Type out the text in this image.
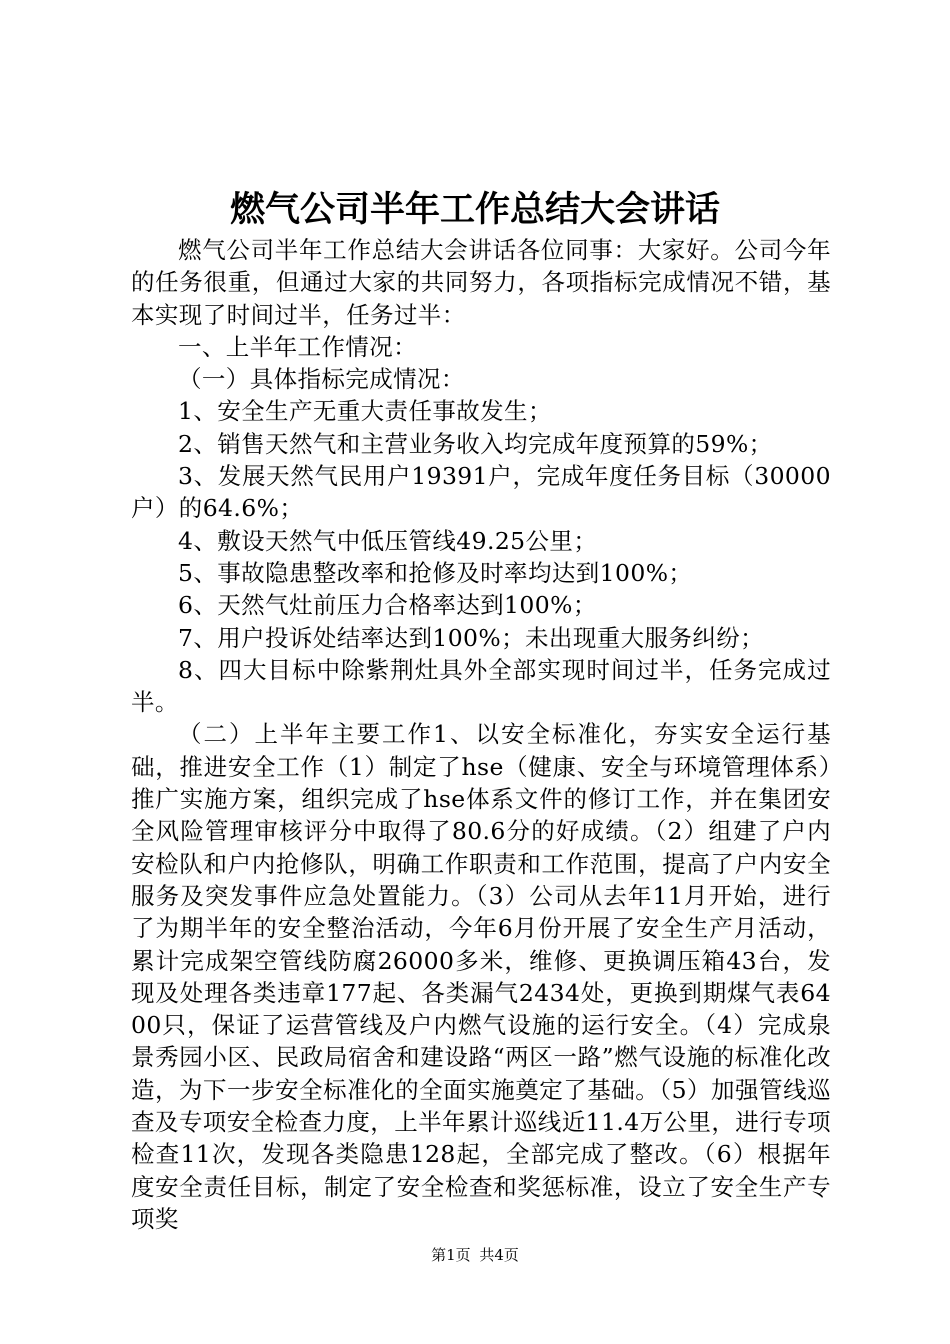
燃气公司半年工作总结大会讲话

燃气公司半年工作总结大会讲话各位同事：大家好。公司今年的任务很重，但通过大家的共同努力，各项指标完成情况不错，基本实现了时间过半，任务过半：

一、上半年工作情况：

（一）具体指标完成情况：

1、安全生产无重大责任事故发生；

2、销售天然气和主营业务收入均完成年度预算的59%；

3、发展天然气民用户19391户，完成年度任务目标（30000户）的64.6%；

4、敷设天然气中低压管线49.25公里；

5、事故隐患整改率和抢修及时率均达到100%；

6、天然气灶前压力合格率达到100%；

7、用户投诉处结率达到100%；未出现重大服务纠纷；

8、四大目标中除紫荆灶具外全部实现时间过半，任务完成过半。

（二）上半年主要工作1、以安全标准化，夯实安全运行基础，推进安全工作（1）制定了hse（健康、安全与环境管理体系）推广实施方案，组织完成了hse体系文件的修订工作，并在集团安全风险管理审核评分中取得了80.6分的好成绩。（2）组建了户内安检队和户内抢修队，明确工作职责和工作范围，提高了户内安全服务及突发事件应急处置能力。（3）公司从去年11月开始，进行了为期半年的安全整治活动，今年6月份开展了安全生产月活动，累计完成架空管线防腐26000多米，维修、更换调压箱43台，发现及处理各类违章177起、各类漏气2434处，更换到期煤气表6400只，保证了运营管线及户内燃气设施的运行安全。（4）完成泉景秀园小区、民政局宿舍和建设路“两区一路”燃气设施的标准化改造，为下一步安全标准化的全面实施奠定了基础。（5）加强管线巡查及专项安全检查力度，上半年累计巡线近11.4万公里，进行专项检查11次，发现各类隐患128起，全部完成了整改。（6）根据年度安全责任目标，制定了安全检查和奖惩标准，设立了安全生产专项奖

第1页 共4页
